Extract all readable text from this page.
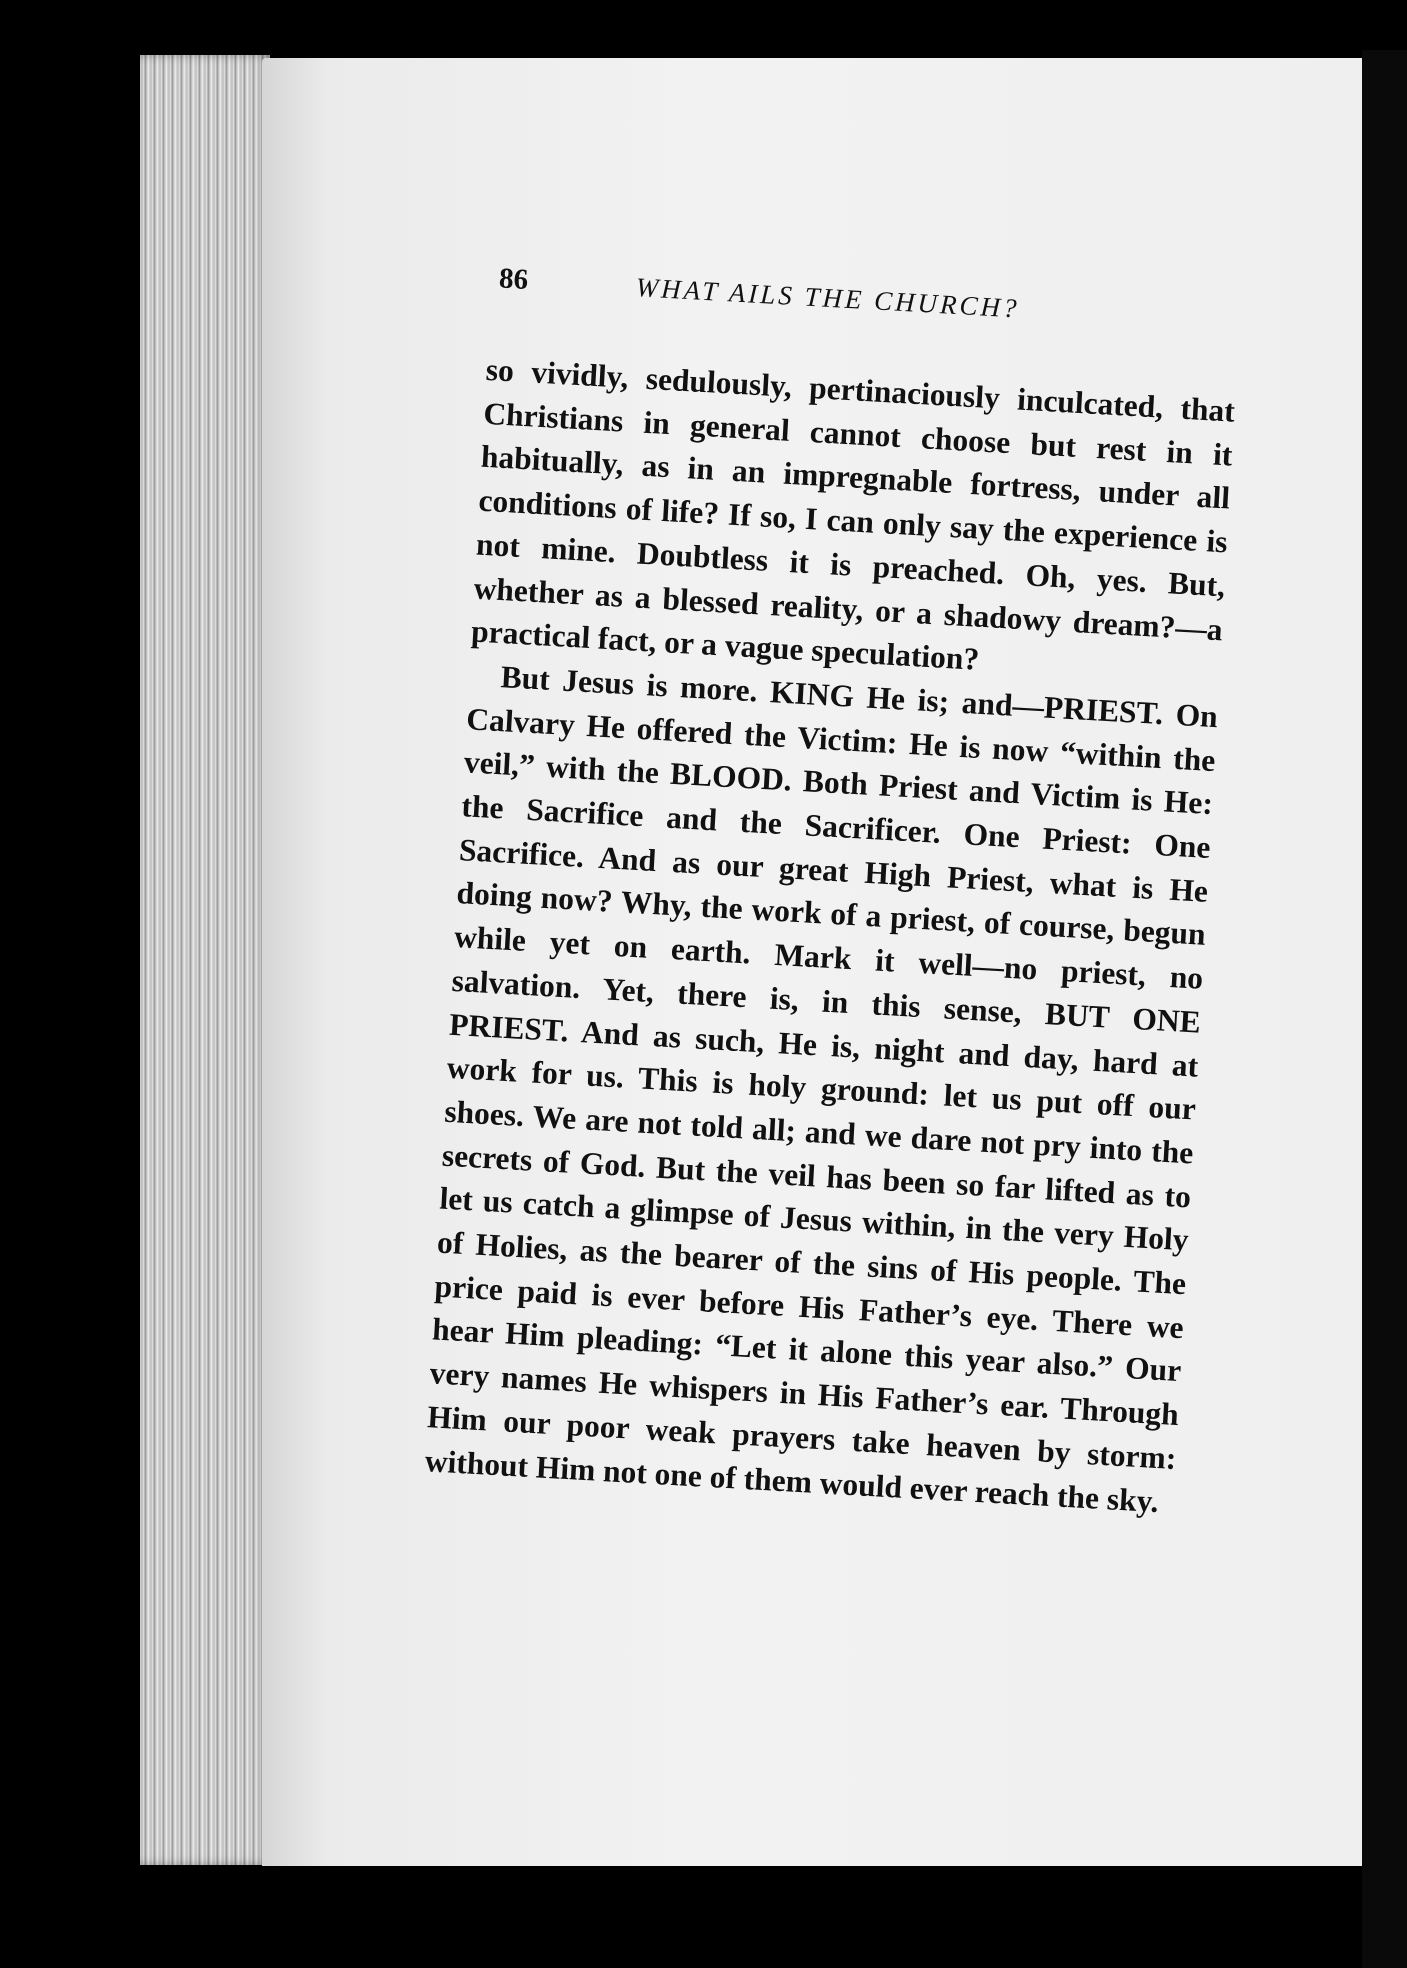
86	WHAT AILS THE CHURCH?

so vividly, sedulously, pertinaciously inculcated, that Christians in general cannot choose but rest in it habitually, as in an impregnable fortress, under all conditions of life? If so, I can only say the experience is not mine. Doubtless it is preached. Oh, yes. But, whether as a blessed reality, or a shadowy dream?—a practical fact, or a vague speculation?

But Jesus is more. KING He is; and—PRIEST. On Calvary He offered the Victim: He is now “within the veil,” with the BLOOD. Both Priest and Victim is He: the Sacrifice and the Sacrificer. One Priest: One Sacrifice. And as our great High Priest, what is He doing now? Why, the work of a priest, of course, begun while yet on earth. Mark it well—no priest, no salvation. Yet, there is, in this sense, BUT ONE PRIEST. And as such, He is, night and day, hard at work for us. This is holy ground: let us put off our shoes. We are not told all; and we dare not pry into the secrets of God. But the veil has been so far lifted as to let us catch a glimpse of Jesus within, in the very Holy of Holies, as the bearer of the sins of His people. The price paid is ever before His Father’s eye. There we hear Him pleading: “Let it alone this year also.” Our very names He whispers in His Father’s ear. Through Him our poor weak prayers take heaven by storm: without Him not one of them would ever reach the sky.
